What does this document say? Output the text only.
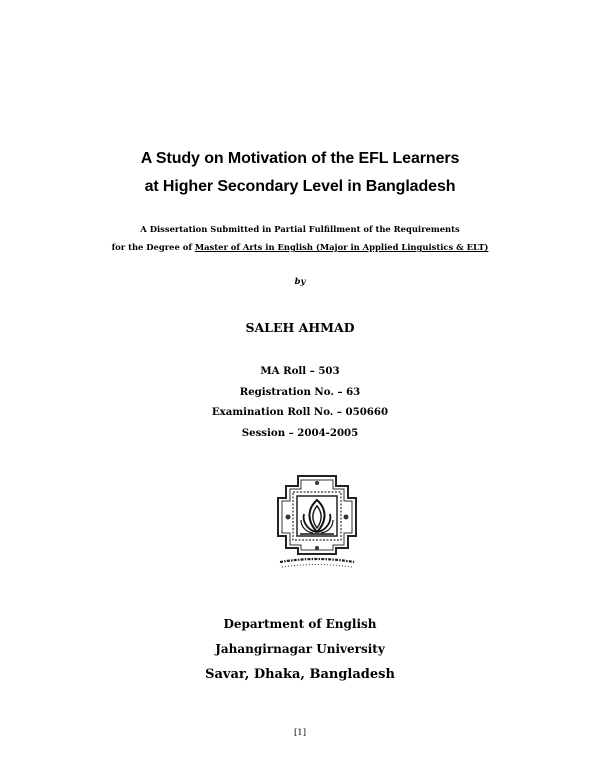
A Study on Motivation of the EFL Learners
at Higher Secondary Level in Bangladesh
A Dissertation Submitted in Partial Fulfillment of the Requirements
for the Degree of Master of Arts in English (Major in Applied Linguistics & ELT)
by
SALEH AHMAD
MA Roll – 503
Registration No. – 63
Examination Roll No. – 050660
Session – 2004-2005
Department of English
Jahangirnagar University
Savar, Dhaka, Bangladesh
[1]
